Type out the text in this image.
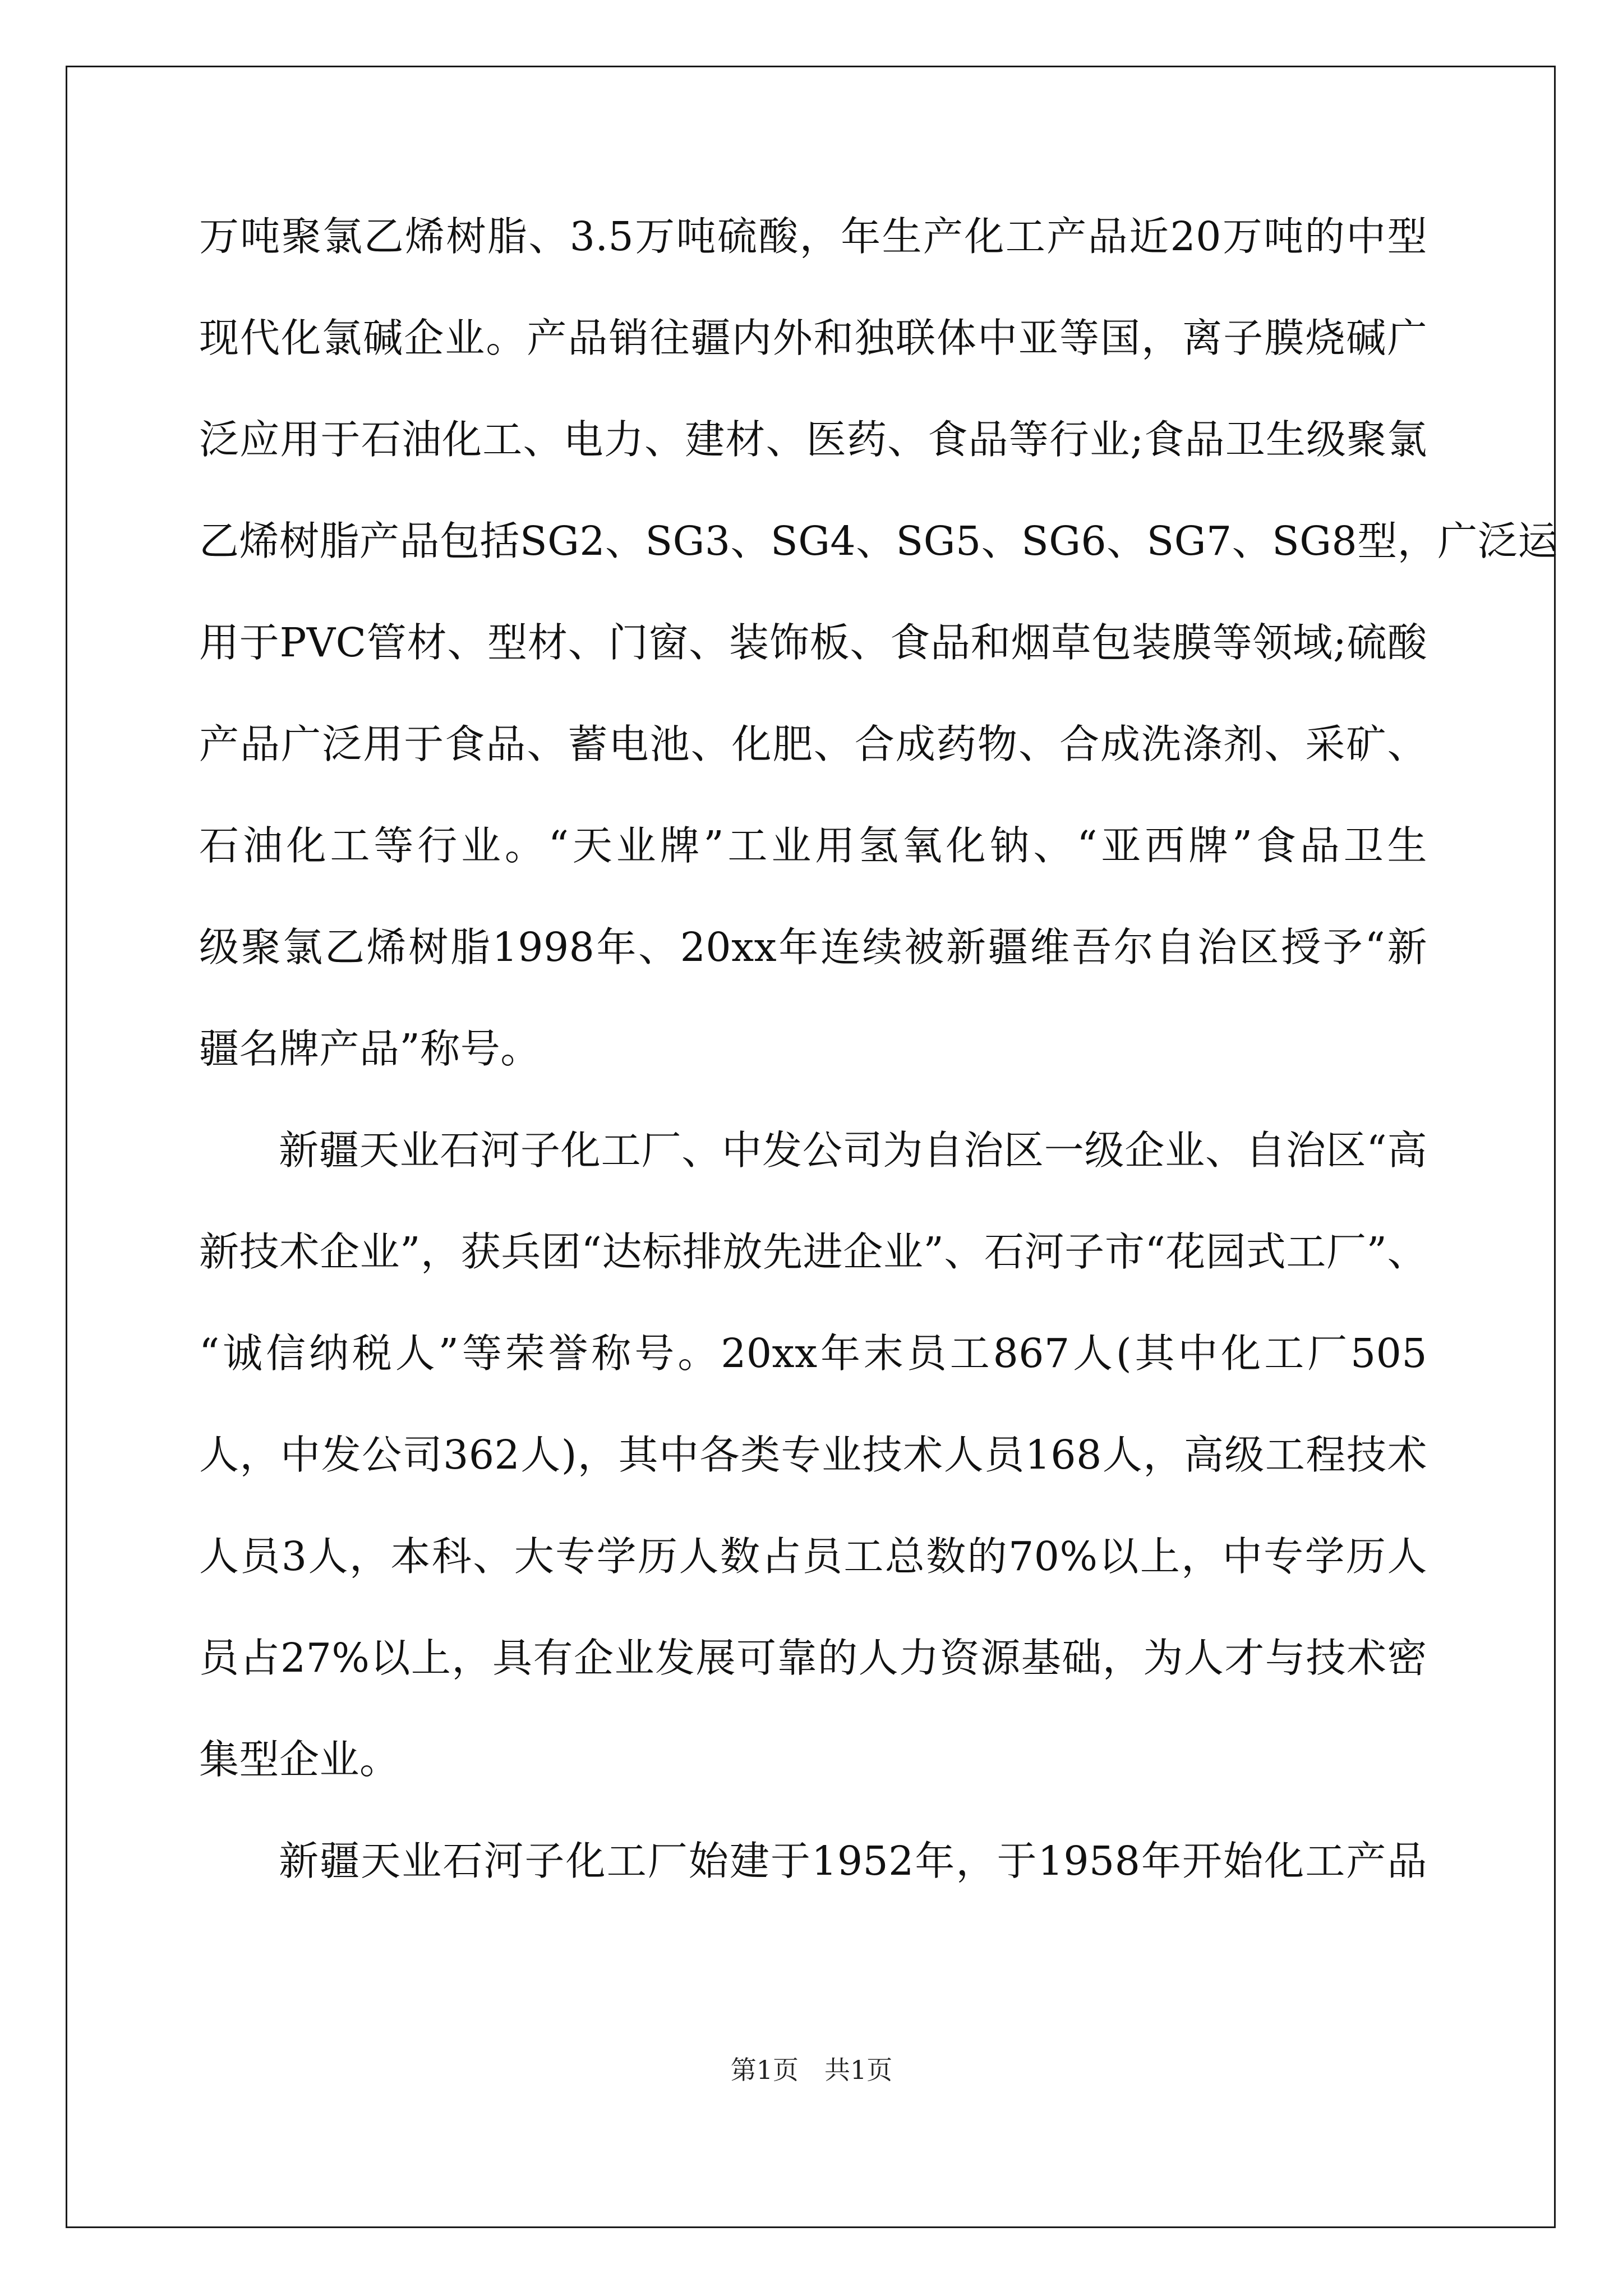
万吨聚氯乙烯树脂、3.5万吨硫酸，年生产化工产品近20万吨的中型
现代化氯碱企业。产品销往疆内外和独联体中亚等国，离子膜烧碱广
泛应用于石油化工、电力、建材、医药、食品等行业;食品卫生级聚氯
乙烯树脂产品包括SG2、SG3、SG4、SG5、SG6、SG7、SG8型，广泛运
用于PVC管材、型材、门窗、装饰板、食品和烟草包装膜等领域;硫酸
产品广泛用于食品、蓄电池、化肥、合成药物、合成洗涤剂、采矿、
石油化工等行业。“天业牌”工业用氢氧化钠、“亚西牌”食品卫生
级聚氯乙烯树脂1998年、20xx年连续被新疆维吾尔自治区授予“新
疆名牌产品”称号。
新疆天业石河子化工厂、中发公司为自治区一级企业、自治区“高
新技术企业”，获兵团“达标排放先进企业”、石河子市“花园式工厂”、
“诚信纳税人”等荣誉称号。20xx年末员工867人(其中化工厂505
人，中发公司362人)，其中各类专业技术人员168人，高级工程技术
人员3人，本科、大专学历人数占员工总数的70%以上，中专学历人
员占27%以上，具有企业发展可靠的人力资源基础，为人才与技术密
集型企业。
新疆天业石河子化工厂始建于1952年，于1958年开始化工产品
第1页　共1页
